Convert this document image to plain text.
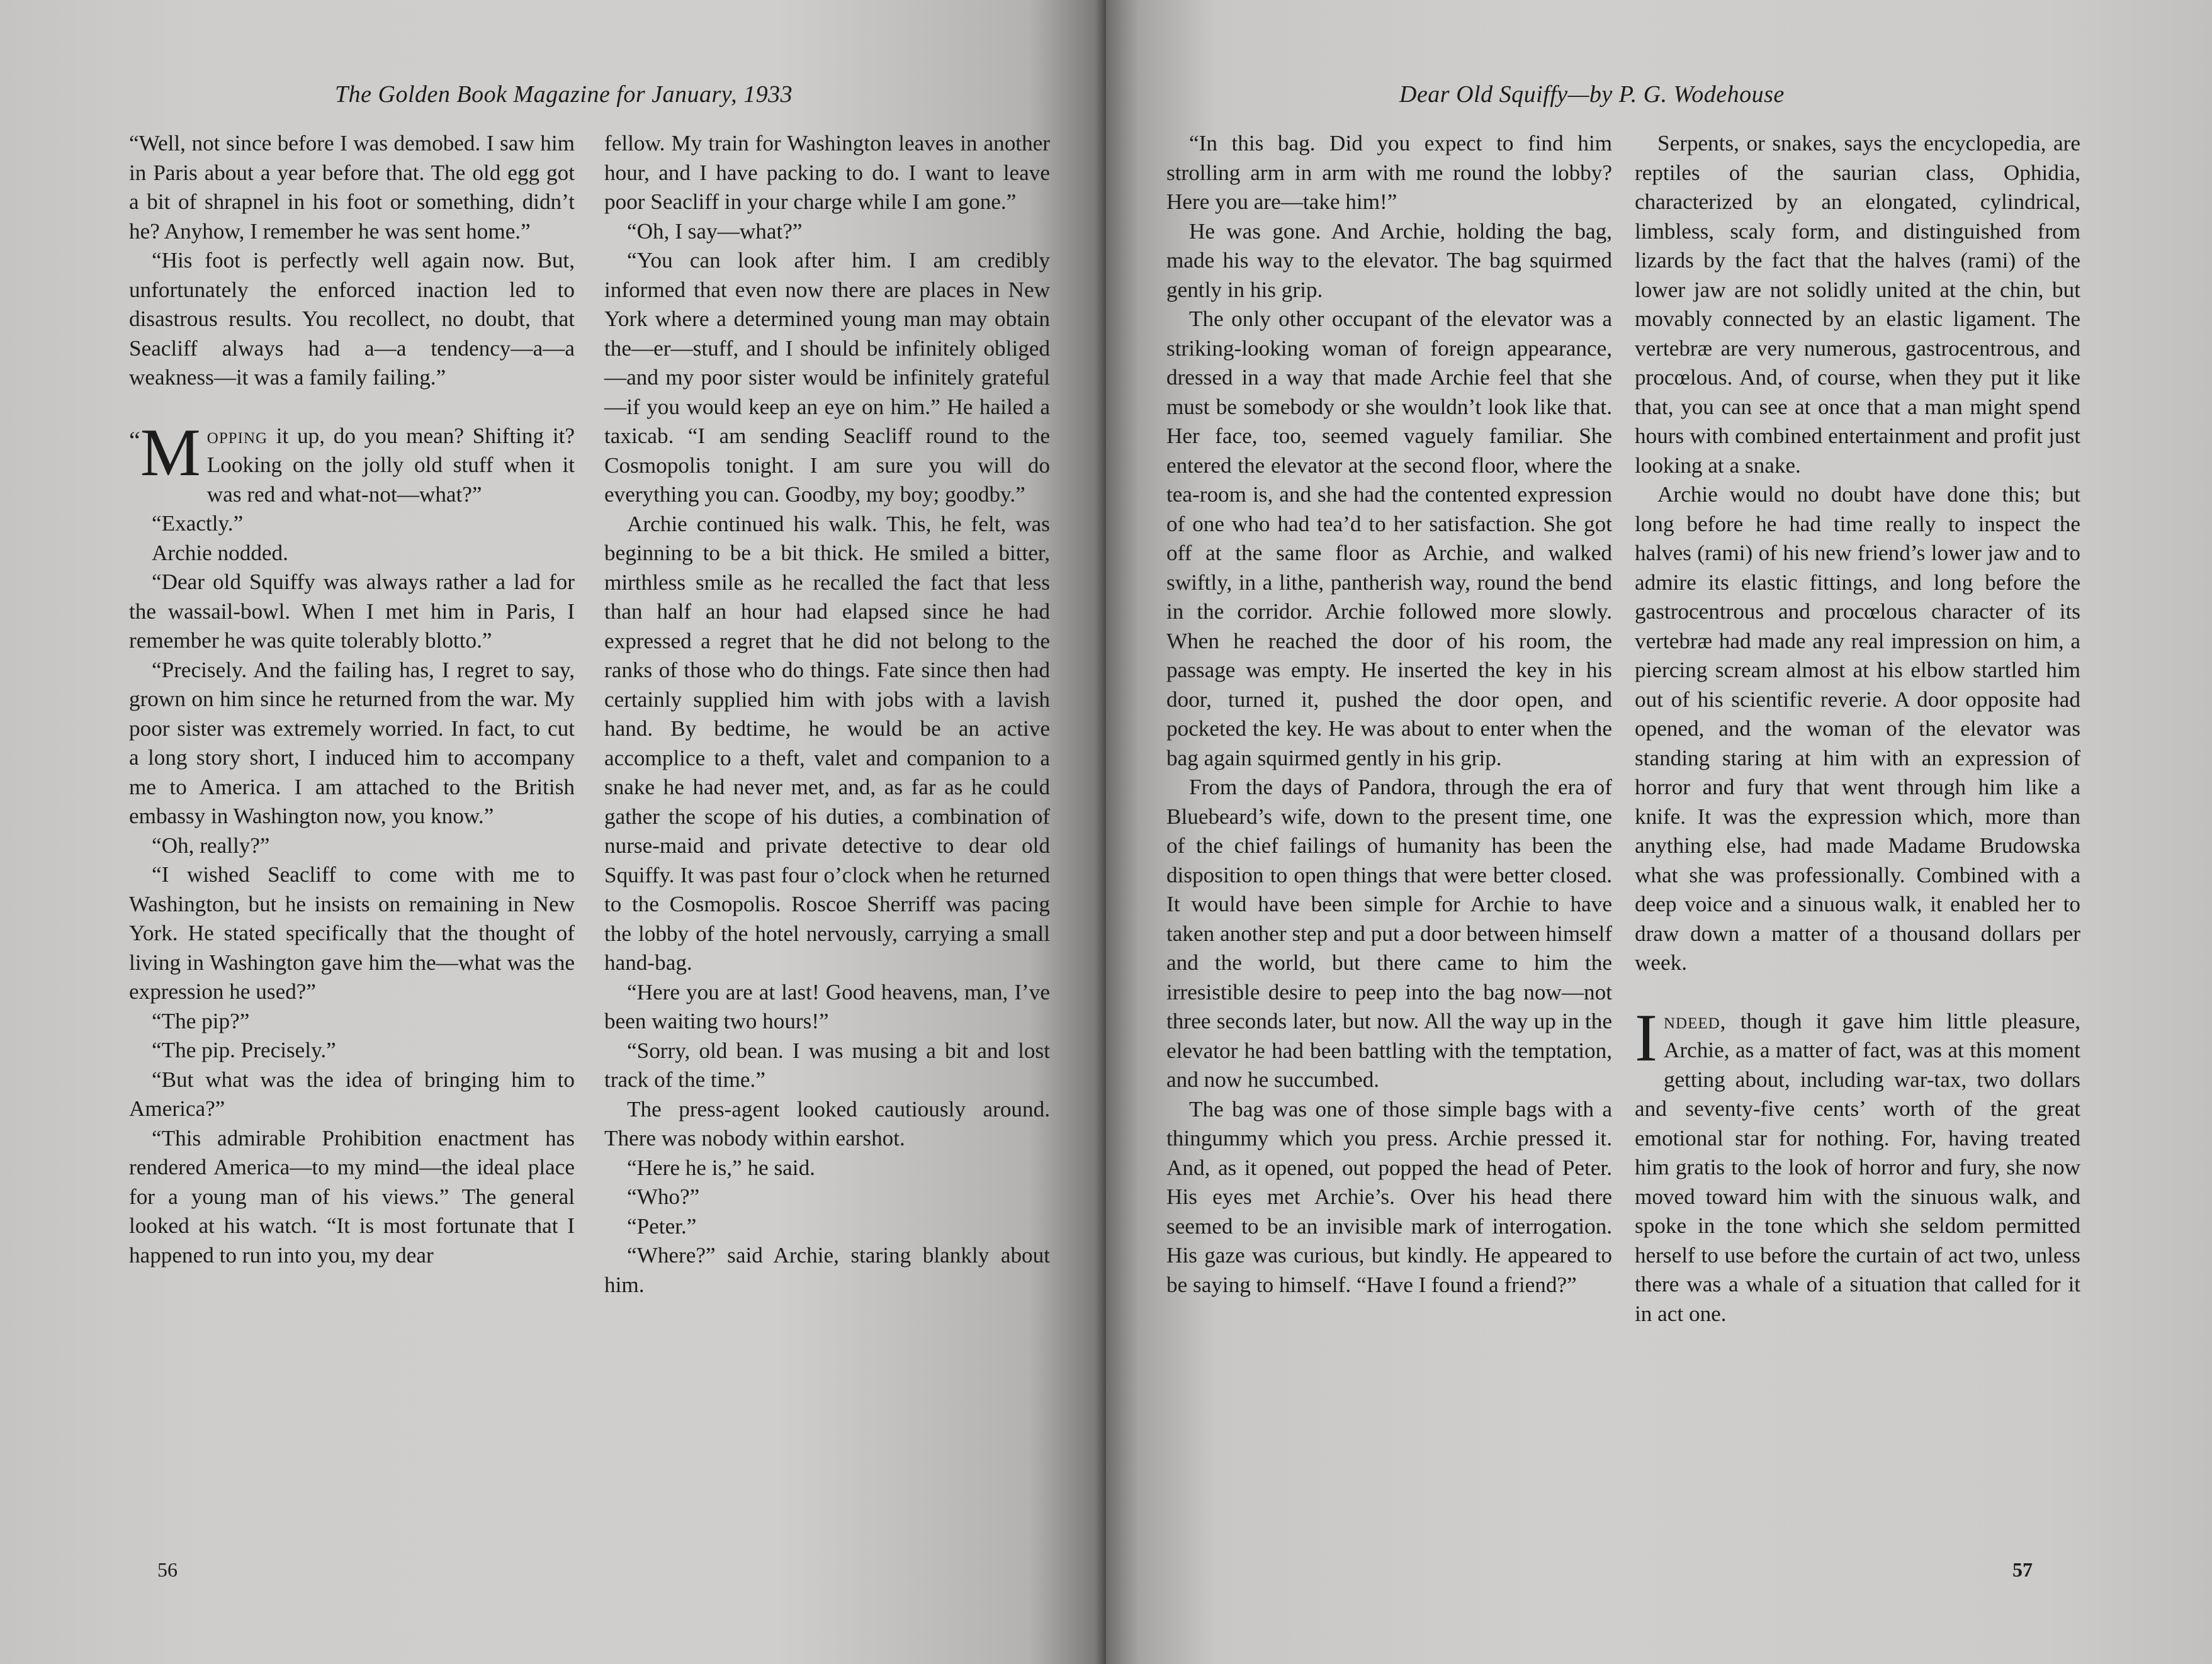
The Golden Book Magazine for January, 1933

“Well, not since before I was demobed. I saw him in Paris about a year before that. The old egg got a bit of shrapnel in his foot or something, didn’t he? Anyhow, I remember he was sent home.”

“His foot is perfectly well again now. But, unfortunately the enforced inaction led to disastrous results. You recollect, no doubt, that Seacliff always had a—a tendency—a—a weakness—it was a family failing.”

“ M opping it up, do you mean? Shifting it? Looking on the jolly old stuff when it was red and what-not—what?”

“Exactly.”

Archie nodded.

“Dear old Squiffy was always rather a lad for the wassail-bowl. When I met him in Paris, I remember he was quite tolerably blotto.”

“Precisely. And the failing has, I regret to say, grown on him since he returned from the war. My poor sister was extremely worried. In fact, to cut a long story short, I induced him to accompany me to America. I am attached to the British embassy in Washington now, you know.”

“Oh, really?”

“I wished Seacliff to come with me to Washington, but he insists on remaining in New York. He stated specifically that the thought of living in Washington gave him the—what was the expression he used?”

“The pip?”

“The pip. Precisely.”

“But what was the idea of bringing him to America?”

“This admirable Prohibition enactment has rendered America—to my mind—the ideal place for a young man of his views.” The general looked at his watch. “It is most fortunate that I happened to run into you, my dear

fellow. My train for Washington leaves in another hour, and I have packing to do. I want to leave poor Seacliff in your charge while I am gone.”

“Oh, I say—what?”

“You can look after him. I am credibly informed that even now there are places in New York where a determined young man may obtain the—er—stuff, and I should be infinitely obliged—and my poor sister would be infinitely grateful—if you would keep an eye on him.” He hailed a taxicab. “I am sending Seacliff round to the Cosmopolis tonight. I am sure you will do everything you can. Goodby, my boy; goodby.”

Archie continued his walk. This, he felt, was beginning to be a bit thick. He smiled a bitter, mirthless smile as he recalled the fact that less than half an hour had elapsed since he had expressed a regret that he did not belong to the ranks of those who do things. Fate since then had certainly supplied him with jobs with a lavish hand. By bedtime, he would be an active accomplice to a theft, valet and companion to a snake he had never met, and, as far as he could gather the scope of his duties, a combination of nurse-maid and private detective to dear old Squiffy. It was past four o’clock when he returned to the Cosmopolis. Roscoe Sherriff was pacing the lobby of the hotel nervously, carrying a small hand-bag.

“Here you are at last! Good heavens, man, I’ve been waiting two hours!”

“Sorry, old bean. I was musing a bit and lost track of the time.”

The press-agent looked cautiously around. There was nobody within earshot.

“Here he is,” he said.

“Who?”

“Peter.”

“Where?” said Archie, staring blankly about him.

56
Dear Old Squiffy—by P. G. Wodehouse

“In this bag. Did you expect to find him strolling arm in arm with me round the lobby? Here you are—take him!”

He was gone. And Archie, holding the bag, made his way to the elevator. The bag squirmed gently in his grip.

The only other occupant of the elevator was a striking-looking woman of foreign appearance, dressed in a way that made Archie feel that she must be somebody or she wouldn’t look like that. Her face, too, seemed vaguely familiar. She entered the elevator at the second floor, where the tea-room is, and she had the contented expression of one who had tea’d to her satisfaction. She got off at the same floor as Archie, and walked swiftly, in a lithe, pantherish way, round the bend in the corridor. Archie followed more slowly. When he reached the door of his room, the passage was empty. He inserted the key in his door, turned it, pushed the door open, and pocketed the key. He was about to enter when the bag again squirmed gently in his grip.

From the days of Pandora, through the era of Bluebeard’s wife, down to the present time, one of the chief failings of humanity has been the disposition to open things that were better closed. It would have been simple for Archie to have taken another step and put a door between himself and the world, but there came to him the irresistible desire to peep into the bag now—not three seconds later, but now. All the way up in the elevator he had been battling with the temptation, and now he succumbed.

The bag was one of those simple bags with a thingummy which you press. Archie pressed it. And, as it opened, out popped the head of Peter. His eyes met Archie’s. Over his head there seemed to be an invisible mark of interrogation. His gaze was curious, but kindly. He appeared to be saying to himself. “Have I found a friend?”

Serpents, or snakes, says the encyclopedia, are reptiles of the saurian class, Ophidia, characterized by an elongated, cylindrical, limbless, scaly form, and distinguished from lizards by the fact that the halves (rami) of the lower jaw are not solidly united at the chin, but movably connected by an elastic ligament. The vertebræ are very numerous, gastrocentrous, and procœlous. And, of course, when they put it like that, you can see at once that a man might spend hours with combined entertainment and profit just looking at a snake.

Archie would no doubt have done this; but long before he had time really to inspect the halves (rami) of his new friend’s lower jaw and to admire its elastic fittings, and long before the gastrocentrous and procœlous character of its vertebræ had made any real impression on him, a piercing scream almost at his elbow startled him out of his scientific reverie. A door opposite had opened, and the woman of the elevator was standing staring at him with an expression of horror and fury that went through him like a knife. It was the expression which, more than anything else, had made Madame Brudowska what she was professionally. Combined with a deep voice and a sinuous walk, it enabled her to draw down a matter of a thousand dollars per week.

Indeed, though it gave him little pleasure, Archie, as a matter of fact, was at this moment getting about, including war-tax, two dollars and seventy-five cents’ worth of the great emotional star for nothing. For, having treated him gratis to the look of horror and fury, she now moved toward him with the sinuous walk, and spoke in the tone which she seldom permitted herself to use before the curtain of act two, unless there was a whale of a situation that called for it in act one.

57
